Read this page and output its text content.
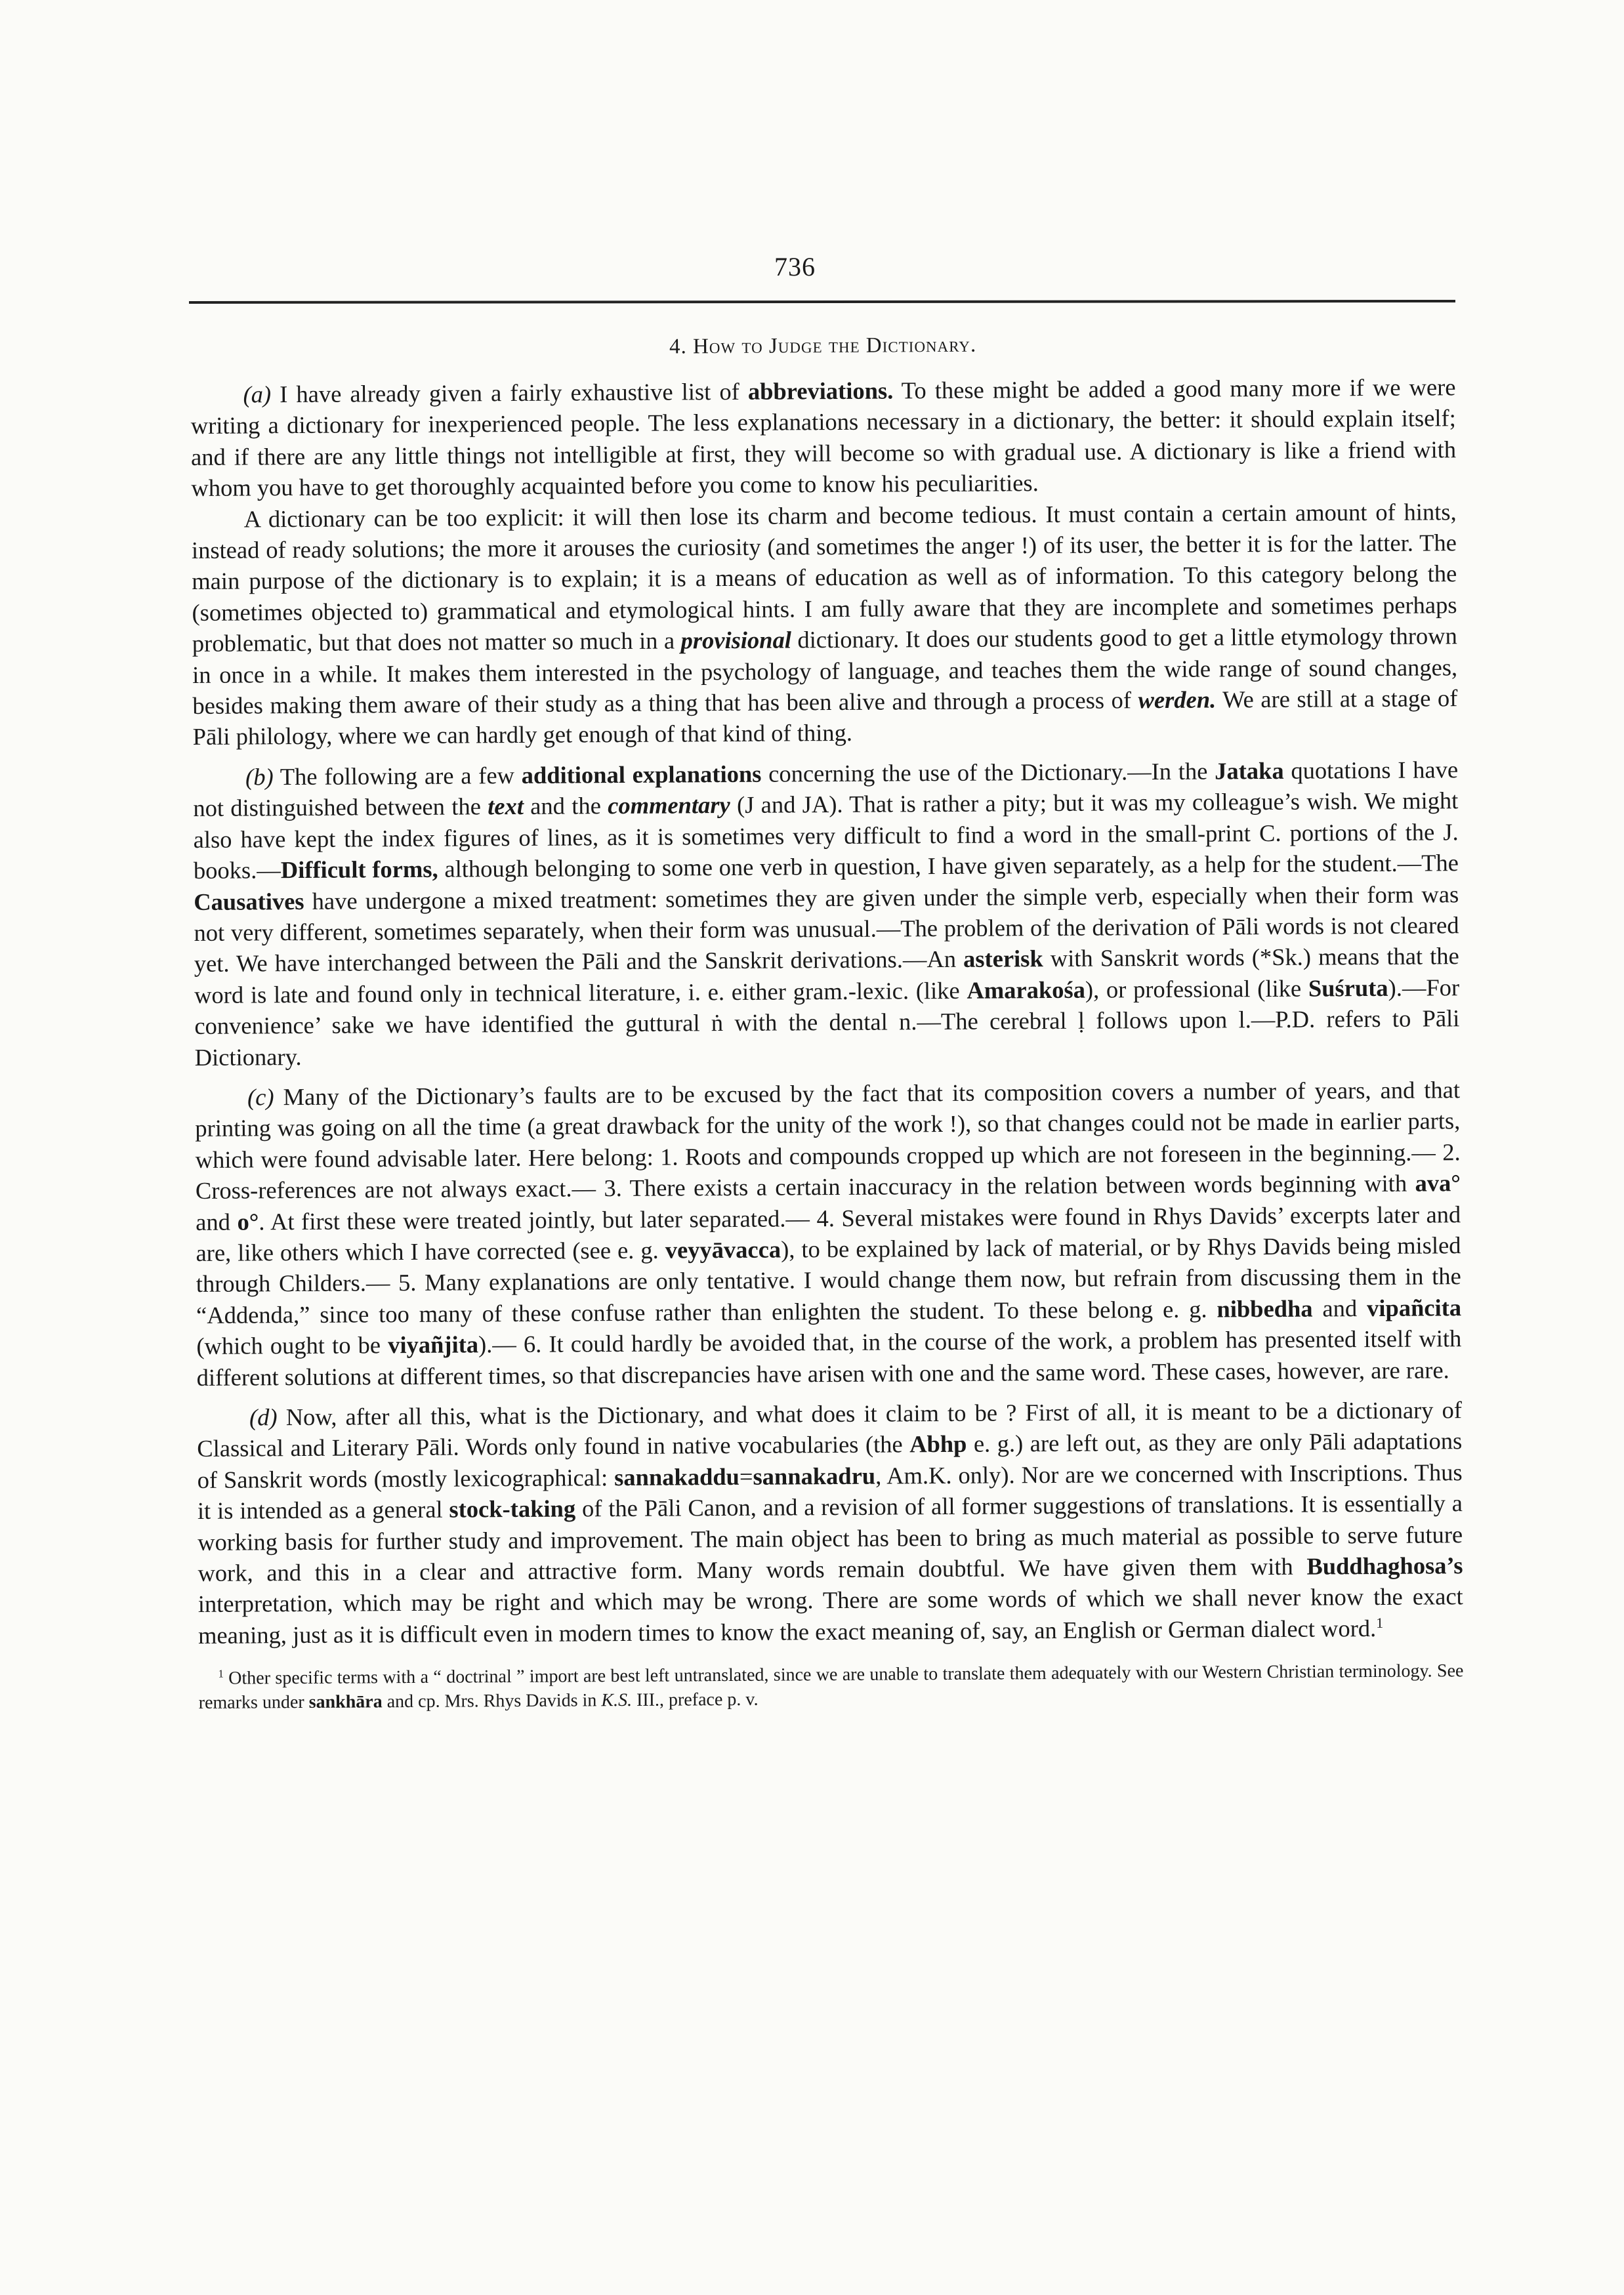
736
4. How to Judge the Dictionary.

(a) I have already given a fairly exhaustive list of abbreviations. To these might be added a good many more if we were writing a dictionary for inexperienced people. The less explanations necessary in a dictionary, the better: it should explain itself; and if there are any little things not intelligible at first, they will become so with gradual use. A dictionary is like a friend with whom you have to get thoroughly acquainted before you come to know his peculiarities.

A dictionary can be too explicit: it will then lose its charm and become tedious. It must contain a certain amount of hints, instead of ready solutions; the more it arouses the curiosity (and sometimes the anger !) of its user, the better it is for the latter. The main purpose of the dictionary is to explain; it is a means of education as well as of information. To this category belong the (sometimes objected to) grammatical and etymological hints. I am fully aware that they are incomplete and sometimes perhaps problematic, but that does not matter so much in a provisional dictionary. It does our students good to get a little etymology thrown in once in a while. It makes them interested in the psychology of language, and teaches them the wide range of sound changes, besides making them aware of their study as a thing that has been alive and through a process of werden. We are still at a stage of Pāli philology, where we can hardly get enough of that kind of thing.

(b) The following are a few additional explanations concerning the use of the Dictionary.—In the Jataka quotations I have not distinguished between the text and the commentary (J and JA). That is rather a pity; but it was my colleague’s wish. We might also have kept the index figures of lines, as it is sometimes very difficult to find a word in the small-print C. portions of the J. books.—Difficult forms, although belonging to some one verb in question, I have given separately, as a help for the student.—The Causatives have undergone a mixed treatment: sometimes they are given under the simple verb, especially when their form was not very different, sometimes separately, when their form was unusual.—The problem of the derivation of Pāli words is not cleared yet. We have interchanged between the Pāli and the Sanskrit derivations.—An asterisk with Sanskrit words (*Sk.) means that the word is late and found only in technical literature, i. e. either gram.-lexic. (like Amarakośa), or professional (like Suśruta).—For convenience’ sake we have identified the guttural ṅ with the dental n.—The cerebral ḷ follows upon l.—P.D. refers to Pāli Dictionary.

(c) Many of the Dictionary’s faults are to be excused by the fact that its composition covers a number of years, and that printing was going on all the time (a great drawback for the unity of the work !), so that changes could not be made in earlier parts, which were found advisable later. Here belong: 1. Roots and compounds cropped up which are not foreseen in the beginning.— 2. Cross-references are not always exact.— 3. There exists a certain inaccuracy in the relation between words beginning with ava° and o°. At first these were treated jointly, but later separated.— 4. Several mistakes were found in Rhys Davids’ excerpts later and are, like others which I have corrected (see e. g. veyyāvacca), to be explained by lack of material, or by Rhys Davids being misled through Childers.— 5. Many explanations are only tentative. I would change them now, but refrain from discussing them in the “Addenda,” since too many of these confuse rather than enlighten the student. To these belong e. g. nibbedha and vipañcita (which ought to be viyañjita).— 6. It could hardly be avoided that, in the course of the work, a problem has presented itself with different solutions at different times, so that discrepancies have arisen with one and the same word. These cases, however, are rare.

(d) Now, after all this, what is the Dictionary, and what does it claim to be ? First of all, it is meant to be a dictionary of Classical and Literary Pāli. Words only found in native vocabularies (the Abhp e. g.) are left out, as they are only Pāli adaptations of Sanskrit words (mostly lexicographical: sannakaddu=sannakadru, Am.K. only). Nor are we concerned with Inscriptions. Thus it is intended as a general stock-taking of the Pāli Canon, and a revision of all former suggestions of translations. It is essentially a working basis for further study and improvement. The main object has been to bring as much material as possible to serve future work, and this in a clear and attractive form. Many words remain doubtful. We have given them with Buddhaghosa’s interpretation, which may be right and which may be wrong. There are some words of which we shall never know the exact meaning, just as it is difficult even in modern times to know the exact meaning of, say, an English or German dialect word.$^1$

$^1$ Other specific terms with a “ doctrinal ” import are best left untranslated, since we are unable to translate them adequately with our Western Christian terminology. See remarks under sankhāra and cp. Mrs. Rhys Davids in K.S. III., preface p. v.
